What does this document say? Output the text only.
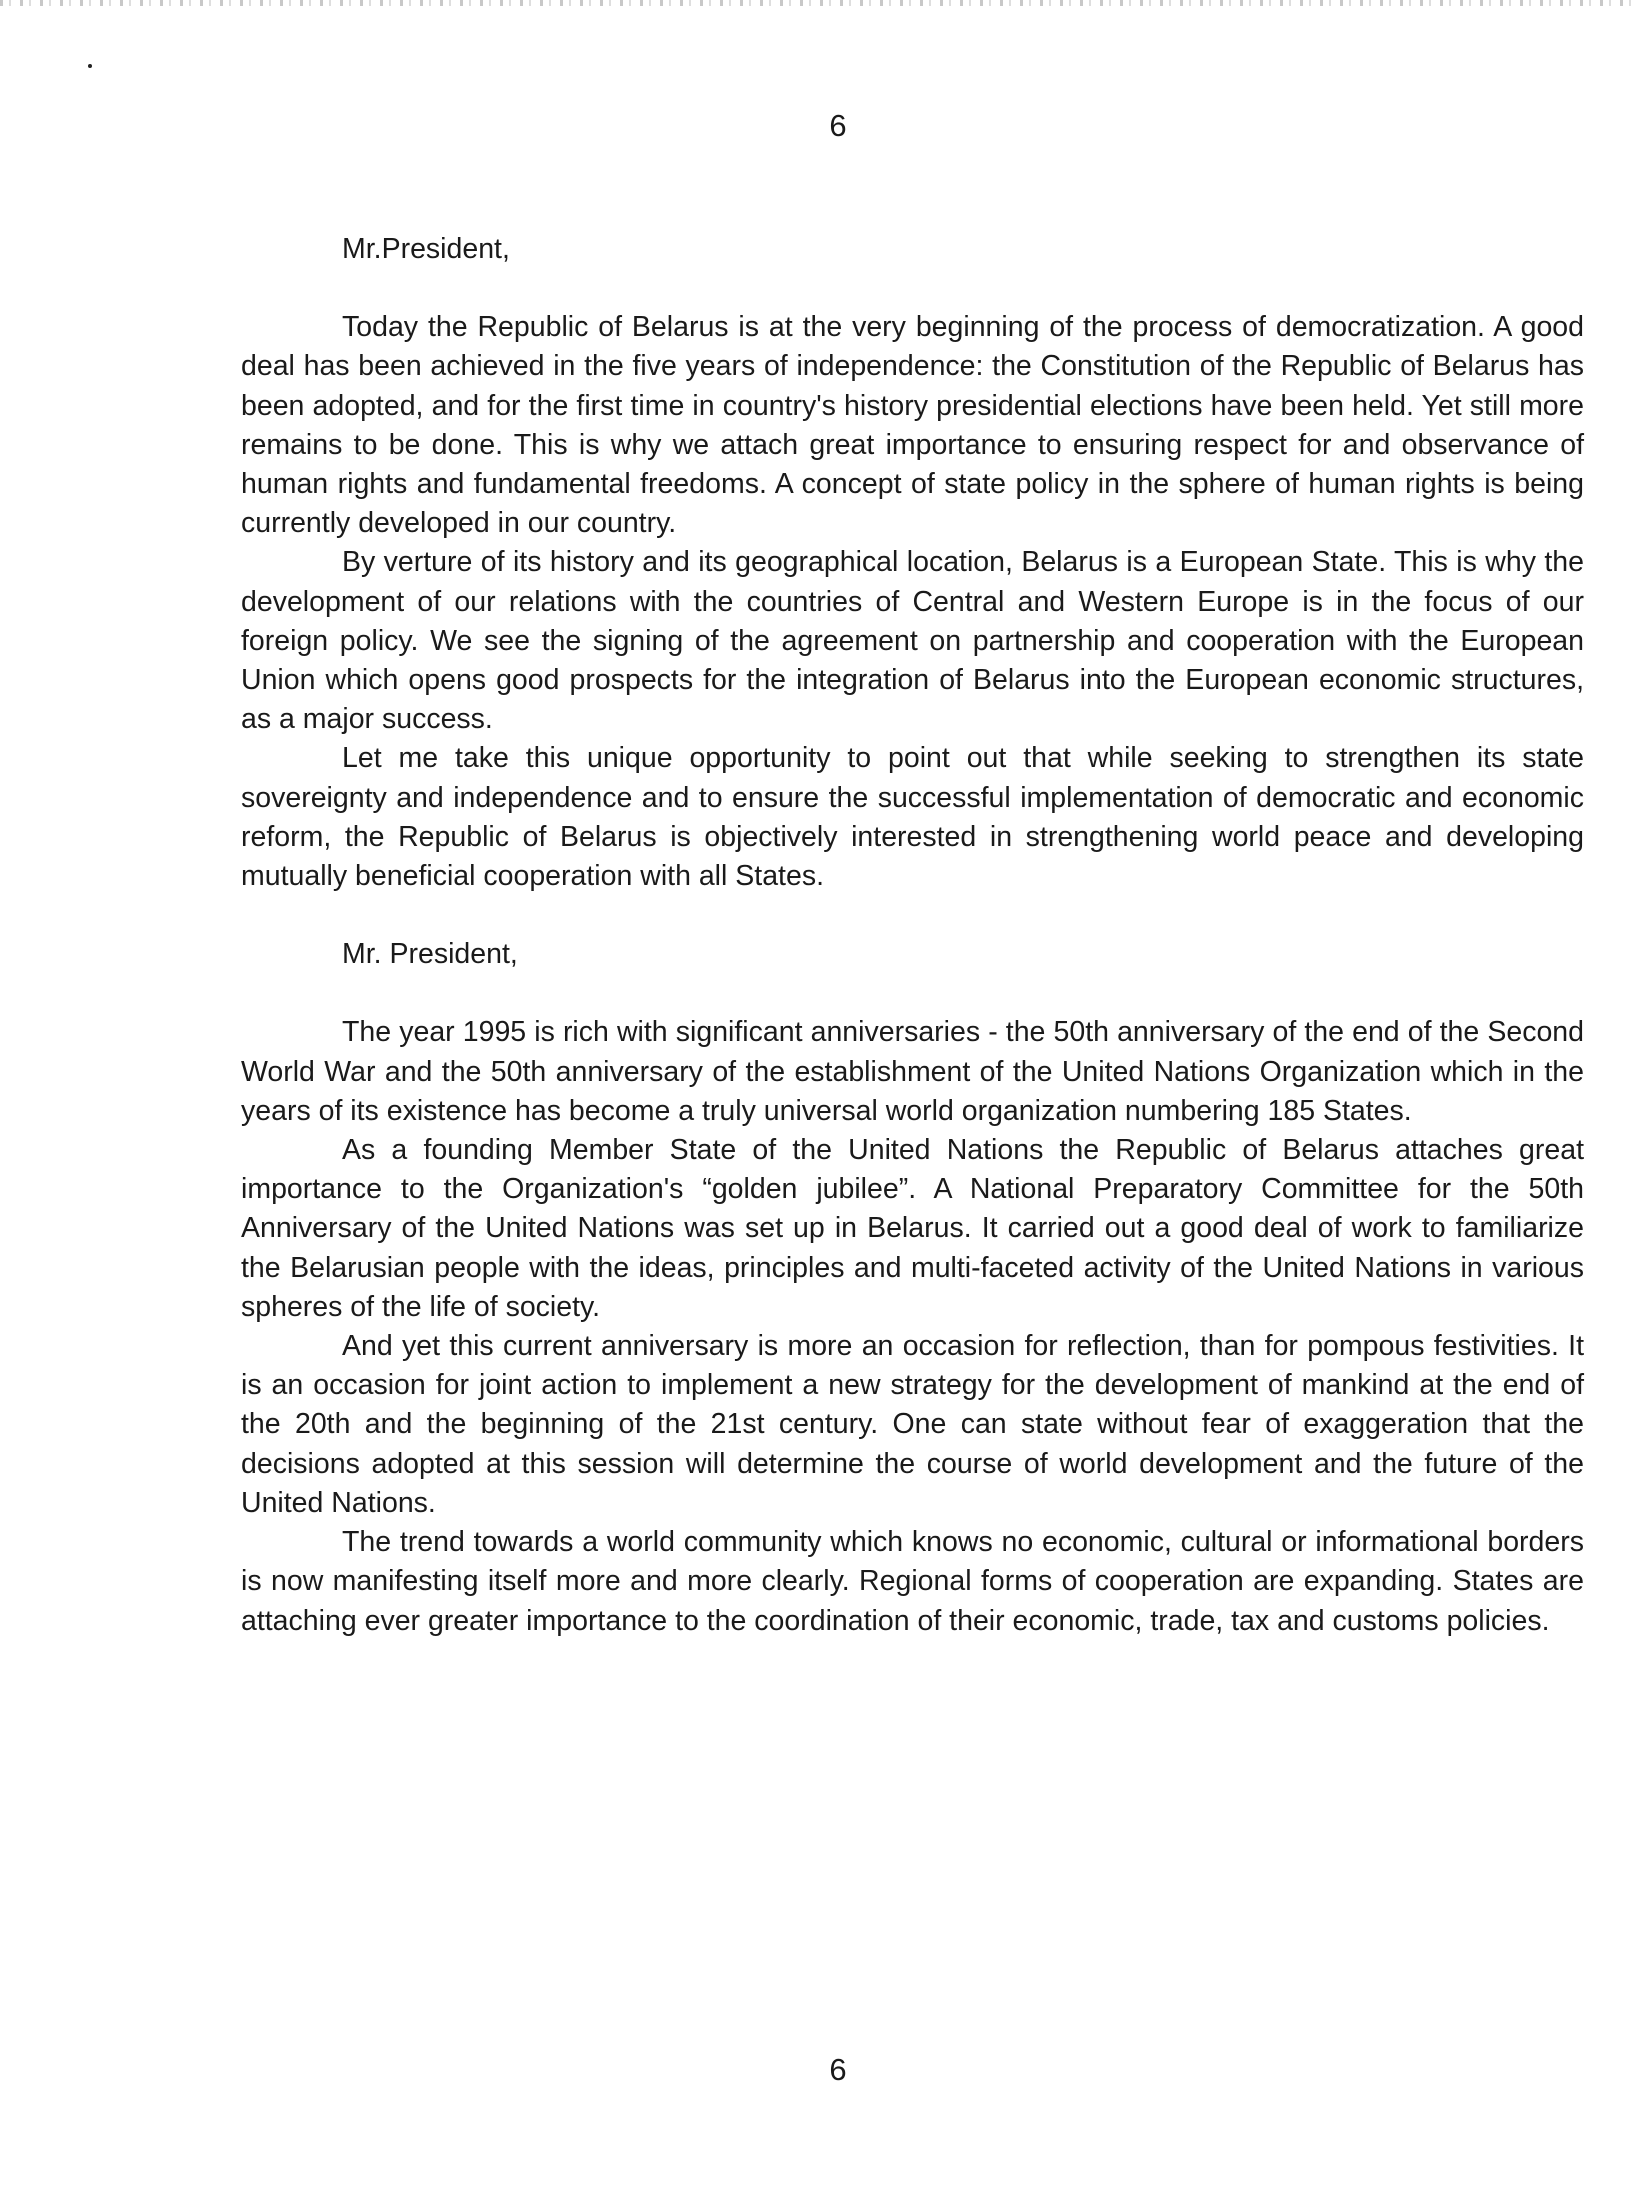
6

Mr.President,

Today the Republic of Belarus is at the very beginning of the process of democratization. A good deal has been achieved in the five years of independence: the Constitution of the Republic of Belarus has been adopted, and for the first time in country's history presidential elections have been held. Yet still more remains to be done. This is why we attach great importance to ensuring respect for and observance of human rights and fundamental freedoms. A concept of state policy in the sphere of human rights is being currently developed in our country.

By verture of its history and its geographical location, Belarus is a European State. This is why the development of our relations with the countries of Central and Western Europe is in the focus of our foreign policy. We see the signing of the agreement on partnership and cooperation with the European Union which opens good prospects for the integration of Belarus into the European economic structures, as a major success.

Let me take this unique opportunity to point out that while seeking to strengthen its state sovereignty and independence and to ensure the successful implementation of democratic and economic reform, the Republic of Belarus is objectively interested in strengthening world peace and developing mutually beneficial cooperation with all States.

Mr. President,

The year 1995 is rich with significant anniversaries - the 50th anniversary of the end of the Second World War and the 50th anniversary of the establishment of the United Nations Organization which in the years of its existence has become a truly universal world organization numbering 185 States.

As a founding Member State of the United Nations the Republic of Belarus attaches great importance to the Organization's “golden jubilee”. A National Preparatory Committee for the 50th Anniversary of the United Nations was set up in Belarus. It carried out a good deal of work to familiarize the Belarusian people with the ideas, principles and multi-faceted activity of the United Nations in various spheres of the life of society.

And yet this current anniversary is more an occasion for reflection, than for pompous festivities. It is an occasion for joint action to implement a new strategy for the development of mankind at the end of the 20th and the beginning of the 21st century. One can state without fear of exaggeration that the decisions adopted at this session will determine the course of world development and the future of the United Nations.

The trend towards a world community which knows no economic, cultural or informational borders is now manifesting itself more and more clearly. Regional forms of cooperation are expanding. States are attaching ever greater importance to the coordination of their economic, trade, tax and customs policies.

6
